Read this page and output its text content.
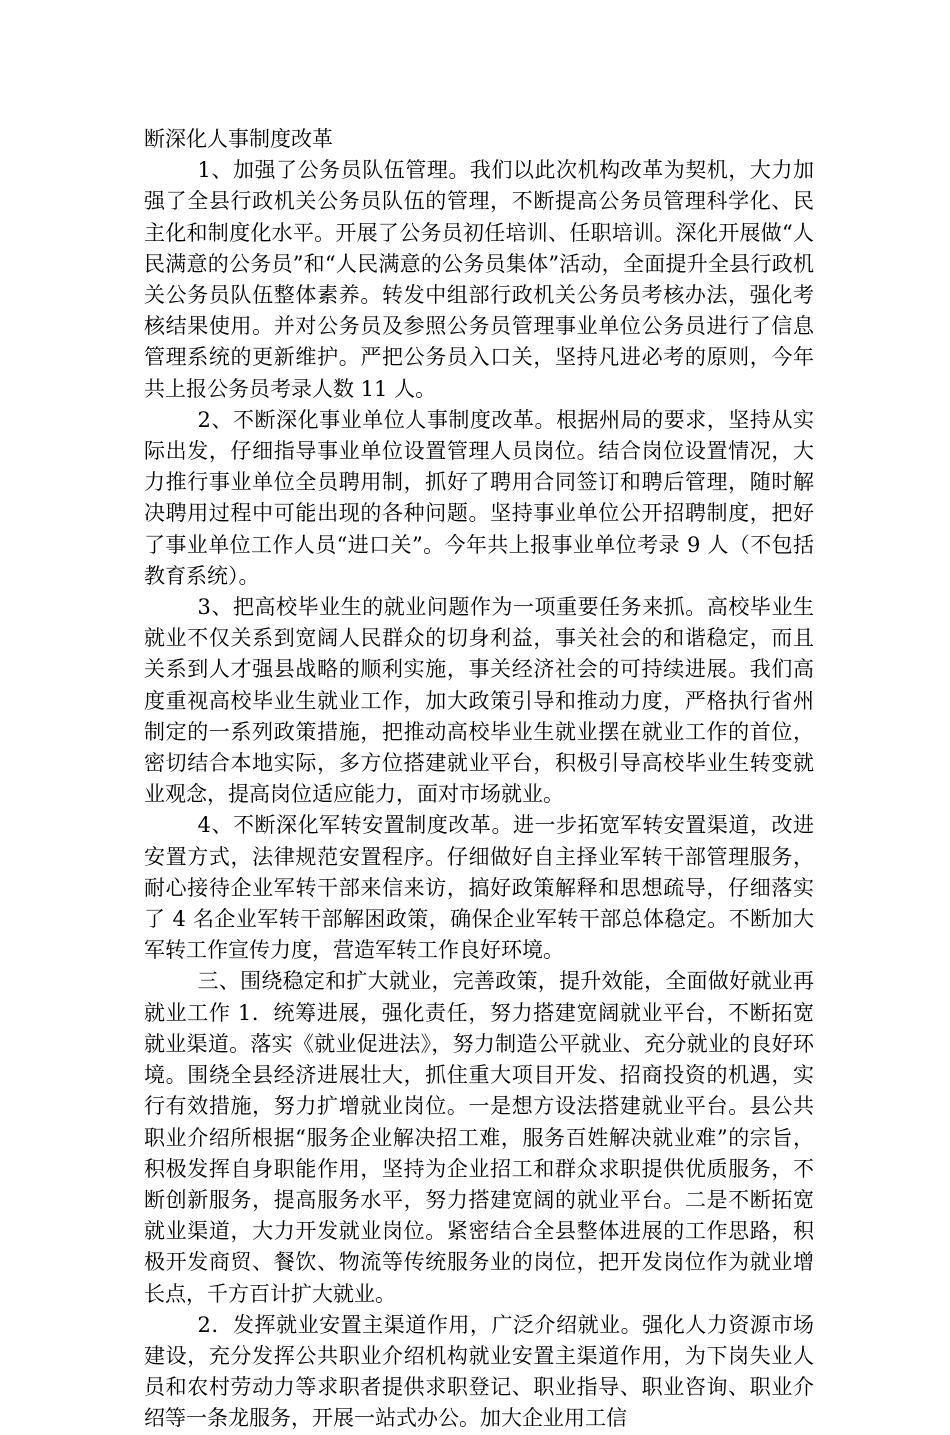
断深化人事制度改革

1、加强了公务员队伍管理。我们以此次机构改革为契机，大力加强了全县行政机关公务员队伍的管理，不断提高公务员管理科学化、民主化和制度化水平。开展了公务员初任培训、任职培训。深化开展做“人民满意的公务员”和“人民满意的公务员集体”活动，全面提升全县行政机关公务员队伍整体素养。转发中组部行政机关公务员考核办法，强化考核结果使用。并对公务员及参照公务员管理事业单位公务员进行了信息管理系统的更新维护。严把公务员入口关，坚持凡进必考的原则，今年共上报公务员考录人数 11 人。

2、不断深化事业单位人事制度改革。根据州局的要求，坚持从实际出发，仔细指导事业单位设置管理人员岗位。结合岗位设置情况，大力推行事业单位全员聘用制，抓好了聘用合同签订和聘后管理，随时解决聘用过程中可能出现的各种问题。坚持事业单位公开招聘制度，把好了事业单位工作人员“进口关”。今年共上报事业单位考录 9 人（不包括教育系统）。

3、把高校毕业生的就业问题作为一项重要任务来抓。高校毕业生就业不仅关系到宽阔人民群众的切身利益，事关社会的和谐稳定，而且关系到人才强县战略的顺利实施，事关经济社会的可持续进展。我们高度重视高校毕业生就业工作，加大政策引导和推动力度，严格执行省州制定的一系列政策措施，把推动高校毕业生就业摆在就业工作的首位，密切结合本地实际，多方位搭建就业平台，积极引导高校毕业生转变就业观念，提高岗位适应能力，面对市场就业。

4、不断深化军转安置制度改革。进一步拓宽军转安置渠道，改进安置方式，法律规范安置程序。仔细做好自主择业军转干部管理服务，耐心接待企业军转干部来信来访，搞好政策解释和思想疏导，仔细落实了 4 名企业军转干部解困政策，确保企业军转干部总体稳定。不断加大军转工作宣传力度，营造军转工作良好环境。

三、围绕稳定和扩大就业，完善政策，提升效能，全面做好就业再就业工作 1．统筹进展，强化责任，努力搭建宽阔就业平台，不断拓宽就业渠道。落实《就业促进法》，努力制造公平就业、充分就业的良好环境。围绕全县经济进展壮大，抓住重大项目开发、招商投资的机遇，实行有效措施，努力扩增就业岗位。一是想方设法搭建就业平台。县公共职业介绍所根据“服务企业解决招工难，服务百姓解决就业难”的宗旨，积极发挥自身职能作用，坚持为企业招工和群众求职提供优质服务，不断创新服务，提高服务水平，努力搭建宽阔的就业平台。二是不断拓宽就业渠道，大力开发就业岗位。紧密结合全县整体进展的工作思路，积极开发商贸、餐饮、物流等传统服务业的岗位，把开发岗位作为就业增长点，千方百计扩大就业。

2．发挥就业安置主渠道作用，广泛介绍就业。强化人力资源市场建设，充分发挥公共职业介绍机构就业安置主渠道作用，为下岗失业人员和农村劳动力等求职者提供求职登记、职业指导、职业咨询、职业介绍等一条龙服务，开展一站式办公。加大企业用工信
